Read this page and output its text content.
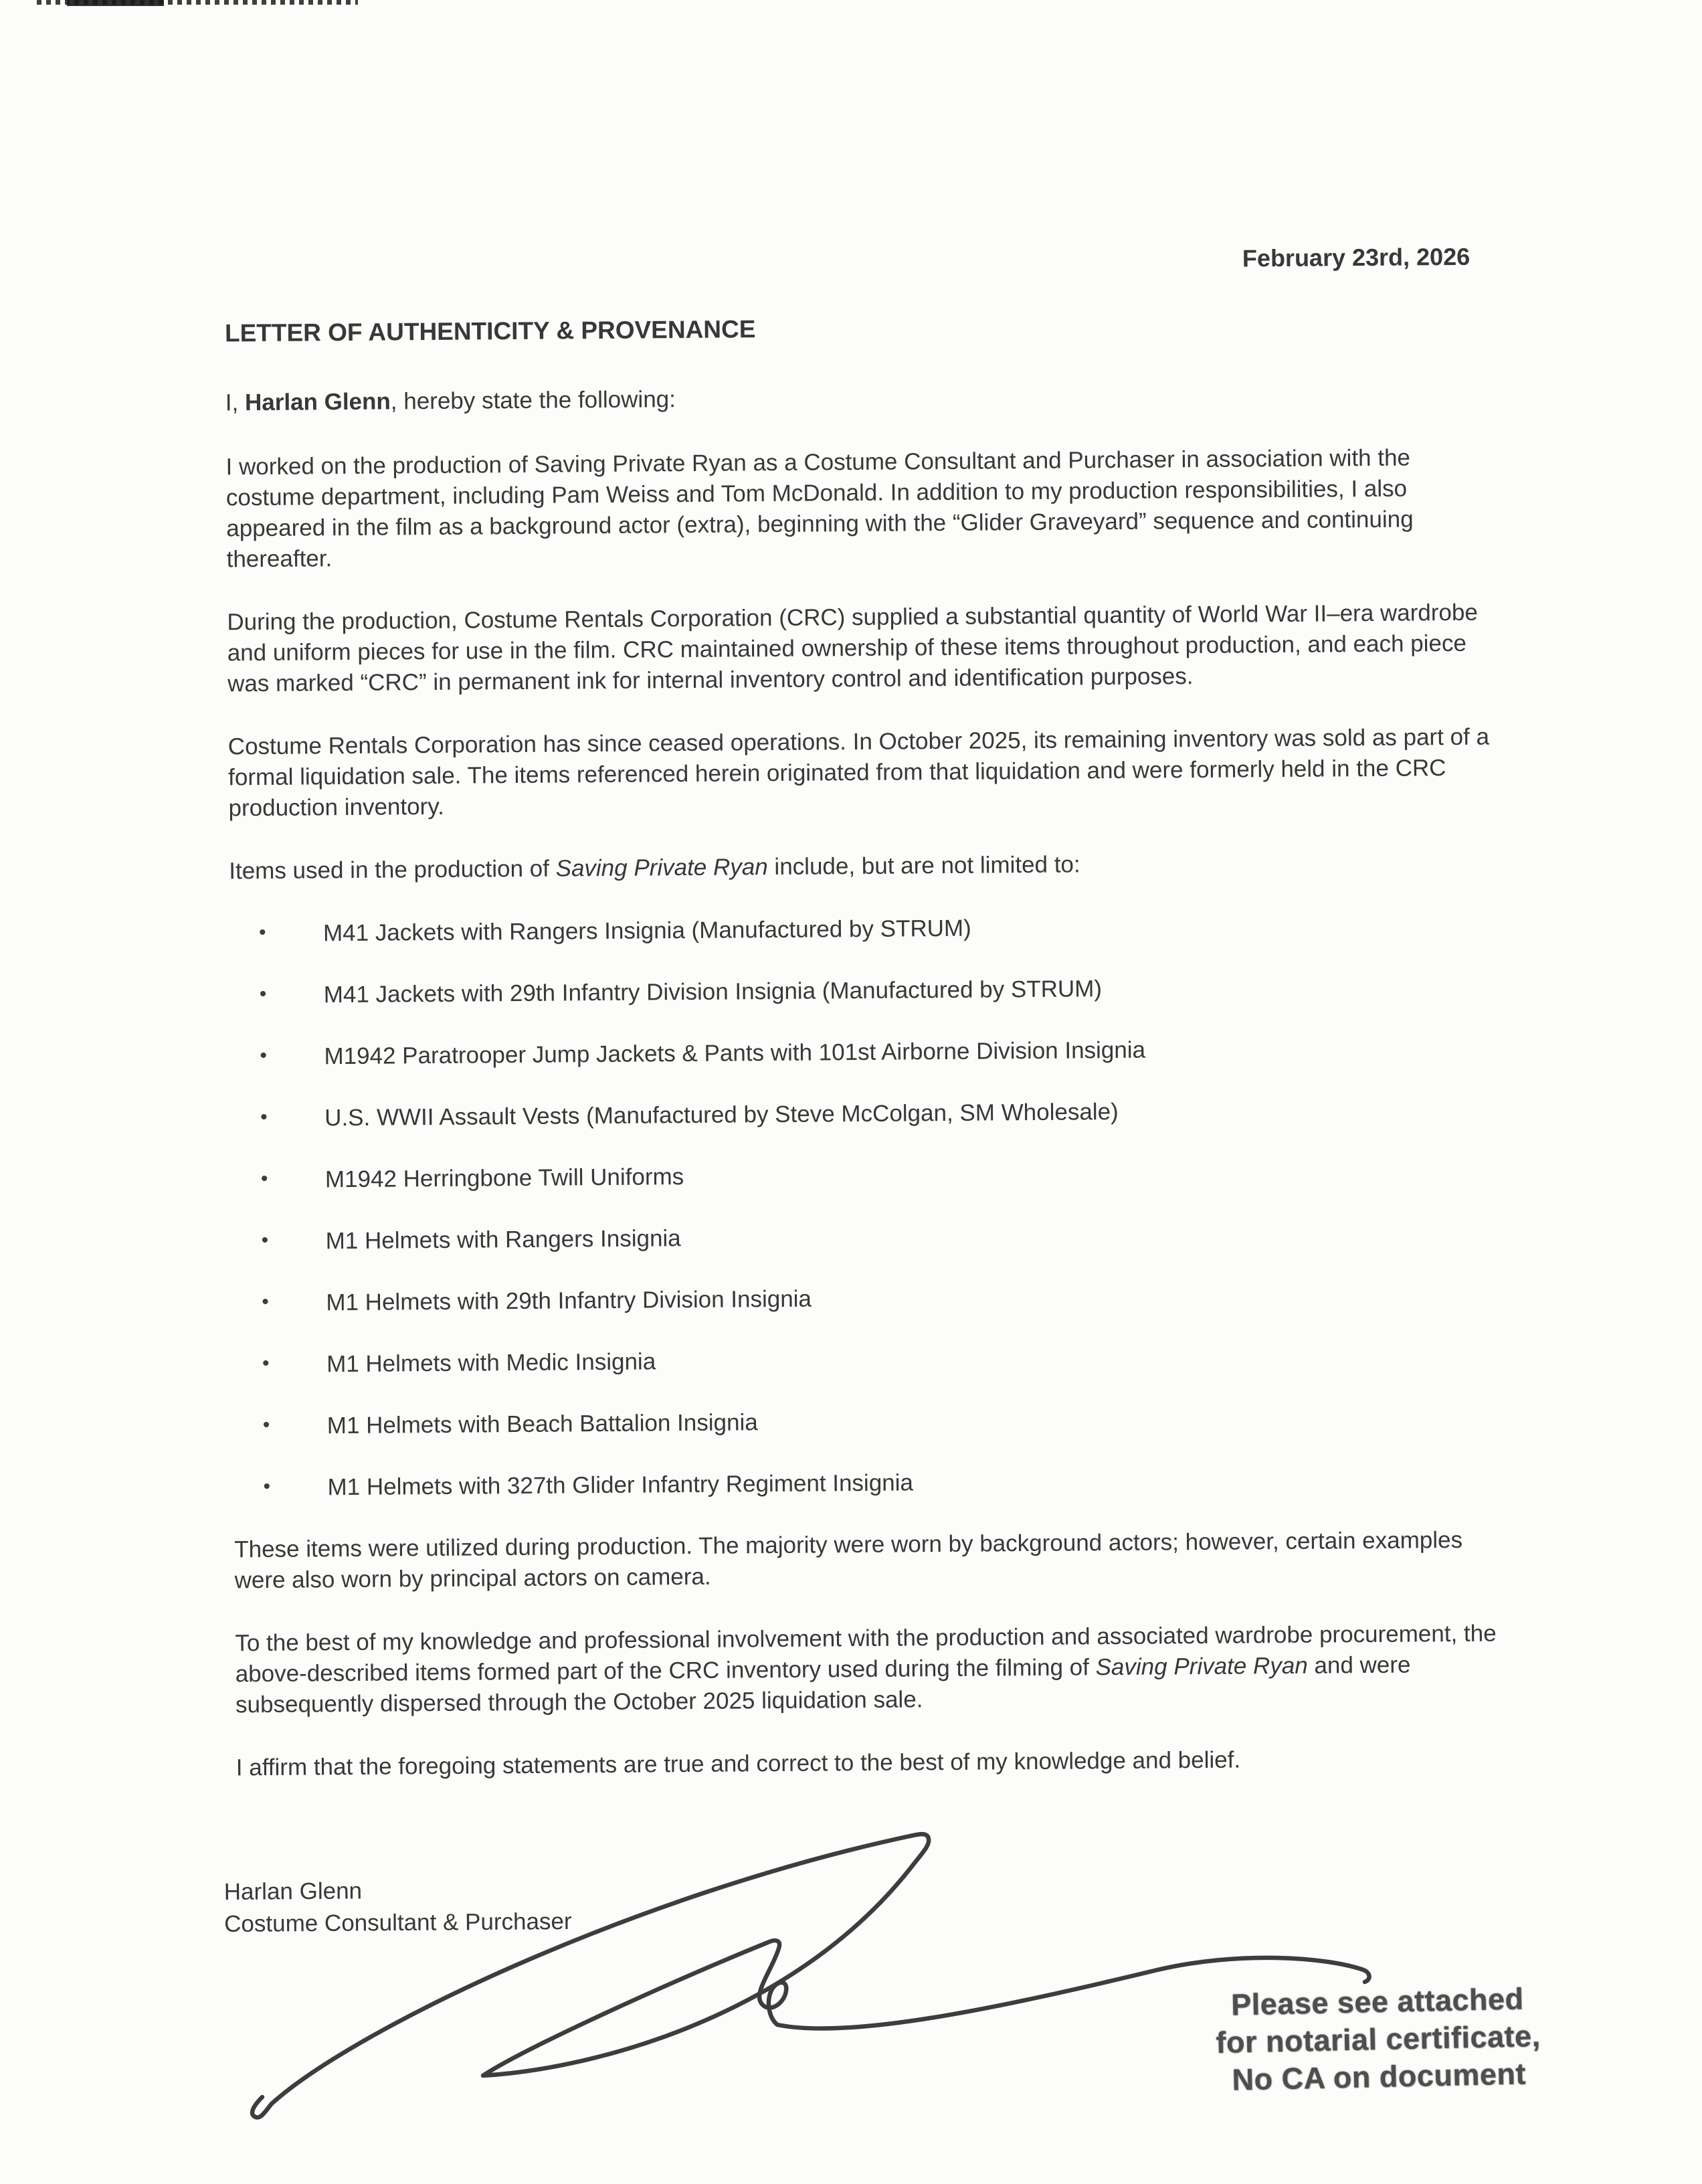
February 23rd, 2026
LETTER OF AUTHENTICITY & PROVENANCE
I, Harlan Glenn, hereby state the following:

I worked on the production of Saving Private Ryan as a Costume Consultant and Purchaser in association with the costume department, including Pam Weiss and Tom McDonald. In addition to my production responsibilities, I also appeared in the film as a background actor (extra), beginning with the “Glider Graveyard” sequence and continuing thereafter.

During the production, Costume Rentals Corporation (CRC) supplied a substantial quantity of World War II–era wardrobe and uniform pieces for use in the film. CRC maintained ownership of these items throughout production, and each piece was marked “CRC” in permanent ink for internal inventory control and identification purposes.

Costume Rentals Corporation has since ceased operations. In October 2025, its remaining inventory was sold as part of a formal liquidation sale. The items referenced herein originated from that liquidation and were formerly held in the CRC production inventory.

Items used in the production of Saving Private Ryan include, but are not limited to:

• M41 Jackets with Rangers Insignia (Manufactured by STRUM)
• M41 Jackets with 29th Infantry Division Insignia (Manufactured by STRUM)
• M1942 Paratrooper Jump Jackets & Pants with 101st Airborne Division Insignia
• U.S. WWII Assault Vests (Manufactured by Steve McColgan, SM Wholesale)
• M1942 Herringbone Twill Uniforms
• M1 Helmets with Rangers Insignia
• M1 Helmets with 29th Infantry Division Insignia
• M1 Helmets with Medic Insignia
• M1 Helmets with Beach Battalion Insignia
• M1 Helmets with 327th Glider Infantry Regiment Insignia

These items were utilized during production. The majority were worn by background actors; however, certain examples were also worn by principal actors on camera.

To the best of my knowledge and professional involvement with the production and associated wardrobe procurement, the above-described items formed part of the CRC inventory used during the filming of Saving Private Ryan and were subsequently dispersed through the October 2025 liquidation sale.

I affirm that the foregoing statements are true and correct to the best of my knowledge and belief.

Harlan Glenn
Costume Consultant & Purchaser
Please see attached
for notarial certificate,
No CA on document
